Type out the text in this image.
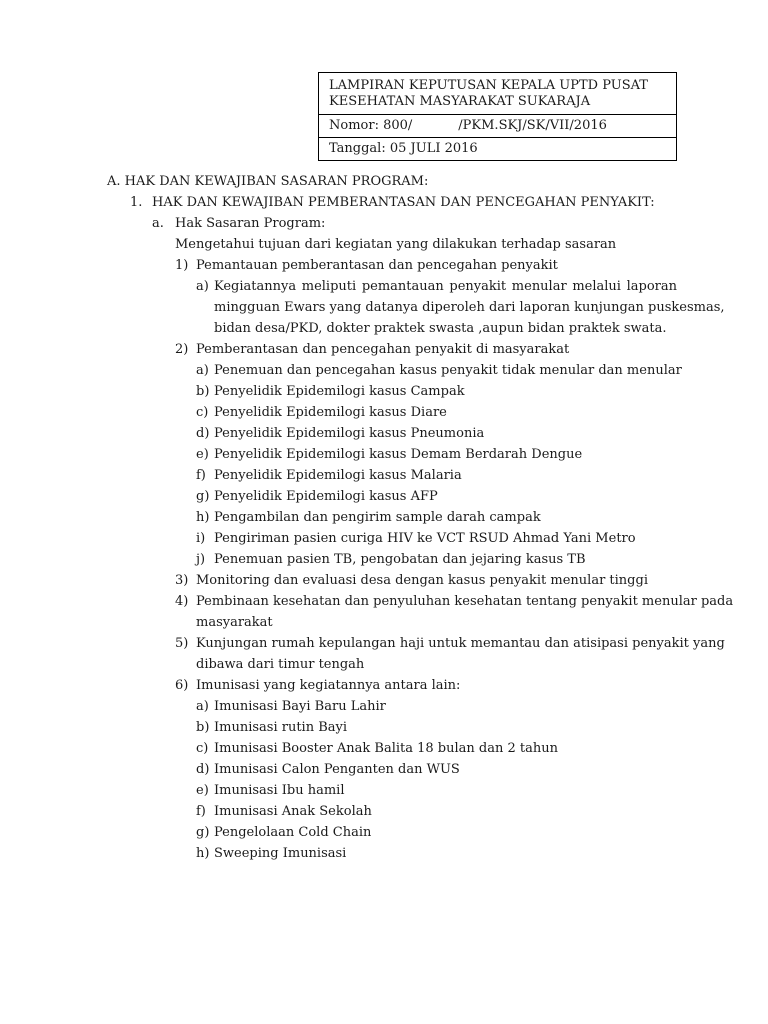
LAMPIRAN KEPUTUSAN KEPALA UPTD PUSAT
KESEHATAN MASYARAKAT SUKARAJA
Nomor: 800/	/PKM.SKJ/SK/VII/2016
Tanggal: 05 JULI 2016
A. HAK DAN KEWAJIBAN SASARAN PROGRAM:
1. HAK DAN KEWAJIBAN PEMBERANTASAN DAN PENCEGAHAN PENYAKIT:
a. Hak Sasaran Program:
Mengetahui tujuan dari kegiatan yang dilakukan terhadap sasaran
1) Pemantauan pemberantasan dan pencegahan penyakit
a) Kegiatannya meliputi pemantauan penyakit menular melalui laporan
mingguan Ewars yang datanya diperoleh dari laporan kunjungan puskesmas,
bidan desa/PKD, dokter praktek swasta ,aupun bidan praktek swata.
2) Pemberantasan dan pencegahan penyakit di masyarakat
a) Penemuan dan pencegahan kasus penyakit tidak menular dan menular
b) Penyelidik Epidemilogi kasus Campak
c) Penyelidik Epidemilogi kasus Diare
d) Penyelidik Epidemilogi kasus Pneumonia
e) Penyelidik Epidemilogi kasus Demam Berdarah Dengue
f) Penyelidik Epidemilogi kasus Malaria
g) Penyelidik Epidemilogi kasus AFP
h) Pengambilan dan pengirim sample darah campak
i) Pengiriman pasien curiga HIV ke VCT RSUD Ahmad Yani Metro
j) Penemuan pasien TB, pengobatan dan jejaring kasus TB
3) Monitoring dan evaluasi desa dengan kasus penyakit menular tinggi
4) Pembinaan kesehatan dan penyuluhan kesehatan tentang penyakit menular pada
masyarakat
5) Kunjungan rumah kepulangan haji untuk memantau dan atisipasi penyakit yang
dibawa dari timur tengah
6) Imunisasi yang kegiatannya antara lain:
a) Imunisasi Bayi Baru Lahir
b) Imunisasi rutin Bayi
c) Imunisasi Booster Anak Balita 18 bulan dan 2 tahun
d) Imunisasi Calon Penganten dan WUS
e) Imunisasi Ibu hamil
f) Imunisasi Anak Sekolah
g) Pengelolaan Cold Chain
h) Sweeping Imunisasi
